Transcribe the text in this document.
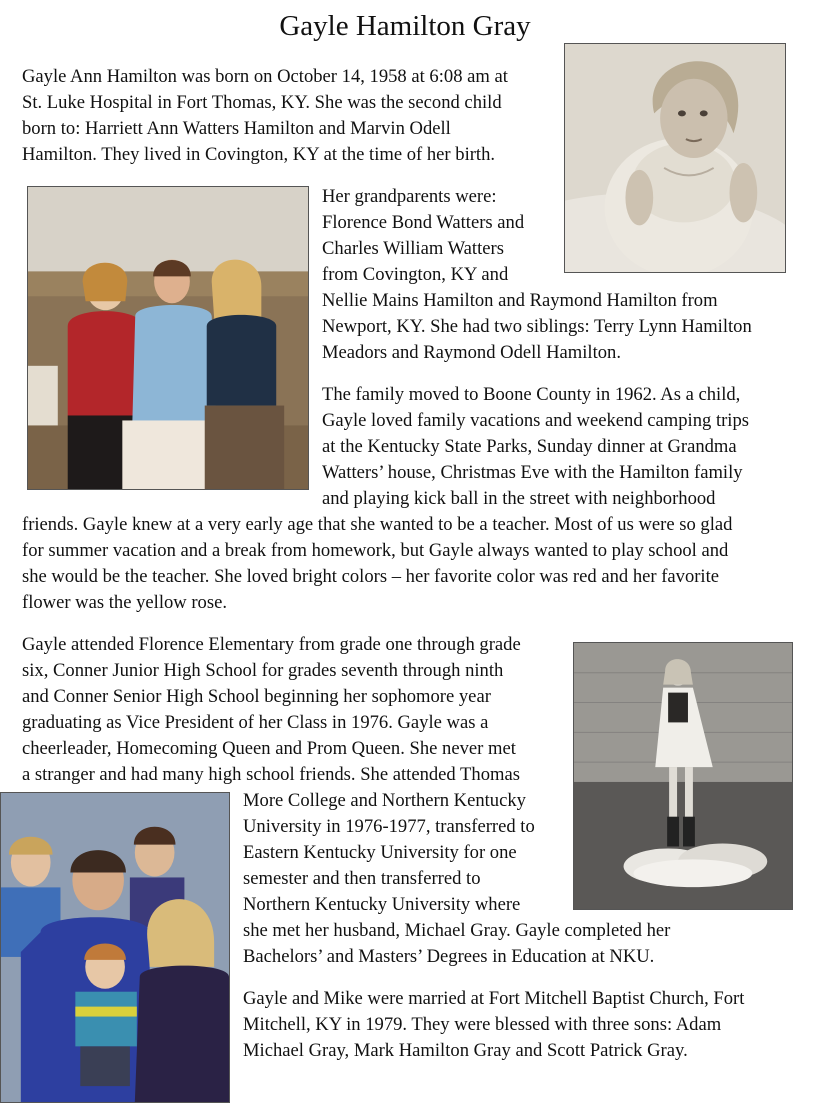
Gayle Hamilton Gray
Gayle Ann Hamilton was born on October 14, 1958 at 6:08 am at
St. Luke Hospital in Fort Thomas, KY. She was the second child
born to: Harriett Ann Watters Hamilton and Marvin Odell
Hamilton. They lived in Covington, KY at the time of her birth.
Her grandparents were:
Florence Bond Watters and
Charles William Watters
from Covington, KY and
Nellie Mains Hamilton and Raymond Hamilton from
Newport, KY. She had two siblings: Terry Lynn Hamilton
Meadors and Raymond Odell Hamilton.
The family moved to Boone County in 1962. As a child,
Gayle loved family vacations and weekend camping trips
at the Kentucky State Parks, Sunday dinner at Grandma
Watters’ house, Christmas Eve with the Hamilton family
and playing kick ball in the street with neighborhood
friends. Gayle knew at a very early age that she wanted to be a teacher. Most of us were so glad
for summer vacation and a break from homework, but Gayle always wanted to play school and
she would be the teacher. She loved bright colors – her favorite color was red and her favorite
flower was the yellow rose.
Gayle attended Florence Elementary from grade one through grade
six, Conner Junior High School for grades seventh through ninth
and Conner Senior High School beginning her sophomore year
graduating as Vice President of her Class in 1976. Gayle was a
cheerleader, Homecoming Queen and Prom Queen. She never met
a stranger and had many high school friends. She attended Thomas
More College and Northern Kentucky
University in 1976-1977, transferred to
Eastern Kentucky University for one
semester and then transferred to
Northern Kentucky University where
she met her husband, Michael Gray. Gayle completed her
Bachelors’ and Masters’ Degrees in Education at NKU.
Gayle and Mike were married at Fort Mitchell Baptist Church, Fort
Mitchell, KY in 1979. They were blessed with three sons: Adam
Michael Gray, Mark Hamilton Gray and Scott Patrick Gray.
